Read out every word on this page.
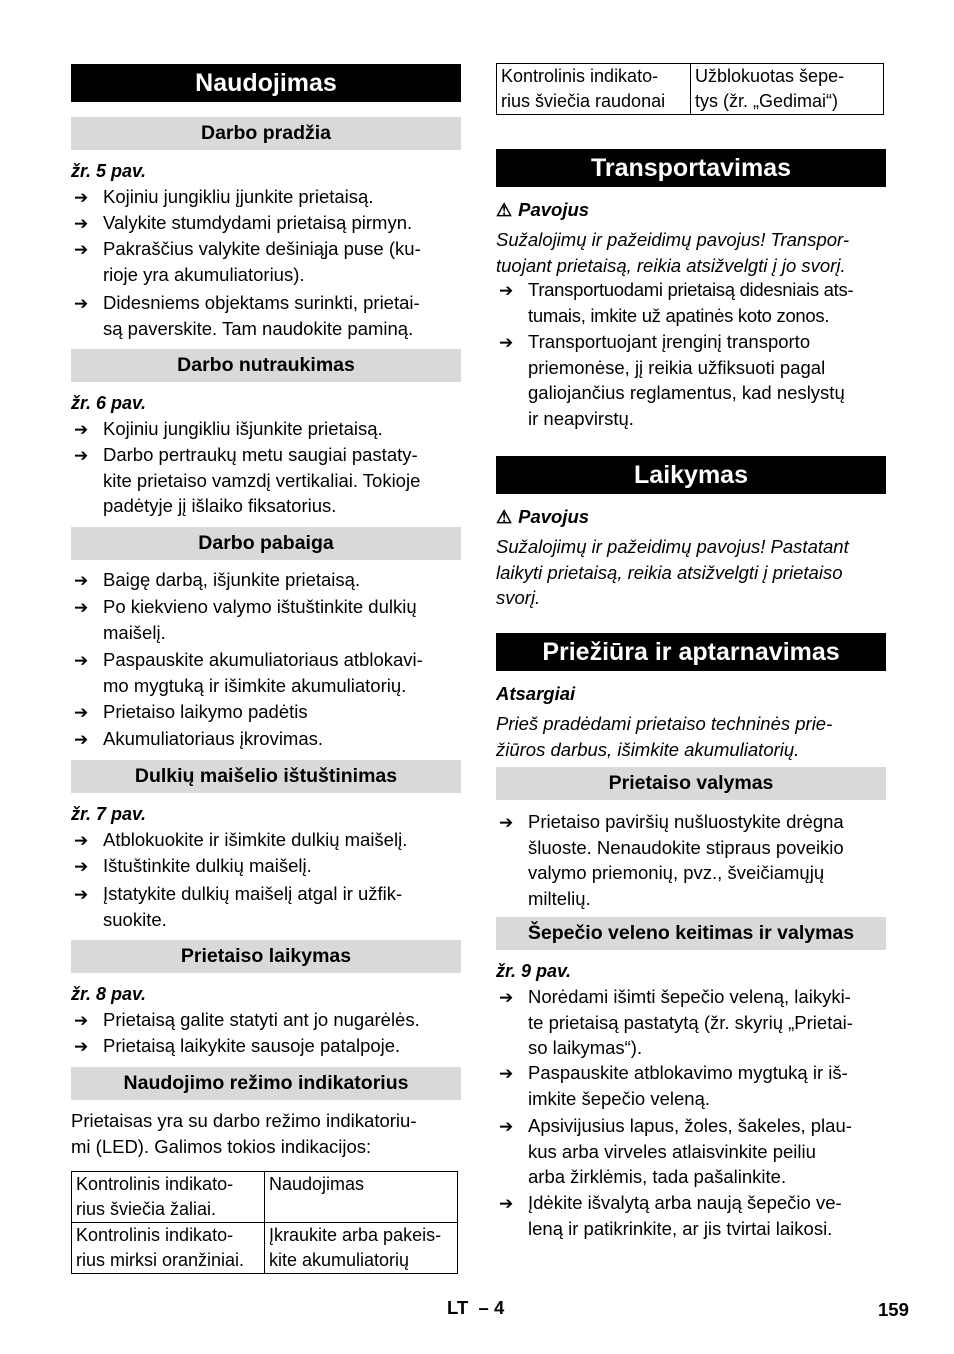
Naudojimas
Darbo pradžia
žr. 5 pav.
➔ Kojiniu jungikliu įjunkite prietaisą.
➔ Valykite stumdydami prietaisą pirmyn.
➔ Pakraščius valykite dešiniąja puse (ku-
rioje yra akumuliatorius).
➔ Didesniems objektams surinkti, prietai-
są paverskite. Tam naudokite paminą.
Darbo nutraukimas
žr. 6 pav.
➔ Kojiniu jungikliu išjunkite prietaisą.
➔ Darbo pertraukų metu saugiai pastaty-
kite prietaiso vamzdį vertikaliai. Tokioje
padėtyje jį išlaiko fiksatorius.
Darbo pabaiga
➔ Baigę darbą, išjunkite prietaisą.
➔ Po kiekvieno valymo ištuštinkite dulkių
maišelį.
➔ Paspauskite akumuliatoriaus atblokavi-
mo mygtuką ir išimkite akumuliatorių.
➔ Prietaiso laikymo padėtis
➔ Akumuliatoriaus įkrovimas.
Dulkių maišelio ištuštinimas
žr. 7 pav.
➔ Atblokuokite ir išimkite dulkių maišelį.
➔ Ištuštinkite dulkių maišelį.
➔ Įstatykite dulkių maišelį atgal ir užfik-
suokite.
Prietaiso laikymas
žr. 8 pav.
➔ Prietaisą galite statyti ant jo nugarėlės.
➔ Prietaisą laikykite sausoje patalpoje.
Naudojimo režimo indikatorius
Prietaisas yra su darbo režimo indikatoriu-
mi (LED). Galimos tokios indikacijos:
Kontrolinis indikato-
rius šviečia žaliai.	Naudojimas
Kontrolinis indikato-
rius mirksi oranžiniai.	Įkraukite arba pakeis-
kite akumuliatorių
Kontrolinis indikato-
rius šviečia raudonai	Užblokuotas šepe-
tys (žr. „Gedimai“)
Transportavimas
⚠ Pavojus
Sužalojimų ir pažeidimų pavojus! Transpor-
tuojant prietaisą, reikia atsižvelgti į jo svorį.
➔ Transportuodami prietaisą didesniais ats-
tumais, imkite už apatinės koto zonos.
➔ Transportuojant įrenginį transporto
priemonėse, jį reikia užfiksuoti pagal
galiojančius reglamentus, kad neslystų
ir neapvirstų.
Laikymas
⚠ Pavojus
Sužalojimų ir pažeidimų pavojus! Pastatant
laikyti prietaisą, reikia atsižvelgti į prietaiso
svorį.
Priežiūra ir aptarnavimas
Atsargiai
Prieš pradėdami prietaiso techninės prie-
žiūros darbus, išimkite akumuliatorių.
Prietaiso valymas
➔ Prietaiso paviršių nušluostykite drėgna
šluoste. Nenaudokite stipraus poveikio
valymo priemonių, pvz., šveičiamųjų
miltelių.
Šepečio veleno keitimas ir valymas
žr. 9 pav.
➔ Norėdami išimti šepečio veleną, laikyki-
te prietaisą pastatytą (žr. skyrių „Prietai-
so laikymas“).
➔ Paspauskite atblokavimo mygtuką ir iš-
imkite šepečio veleną.
➔ Apsivijusius lapus, žoles, šakeles, plau-
kus arba virveles atlaisvinkite peiliu
arba žirklėmis, tada pašalinkite.
➔ Įdėkite išvalytą arba naują šepečio ve-
leną ir patikrinkite, ar jis tvirtai laikosi.
LT – 4	159
